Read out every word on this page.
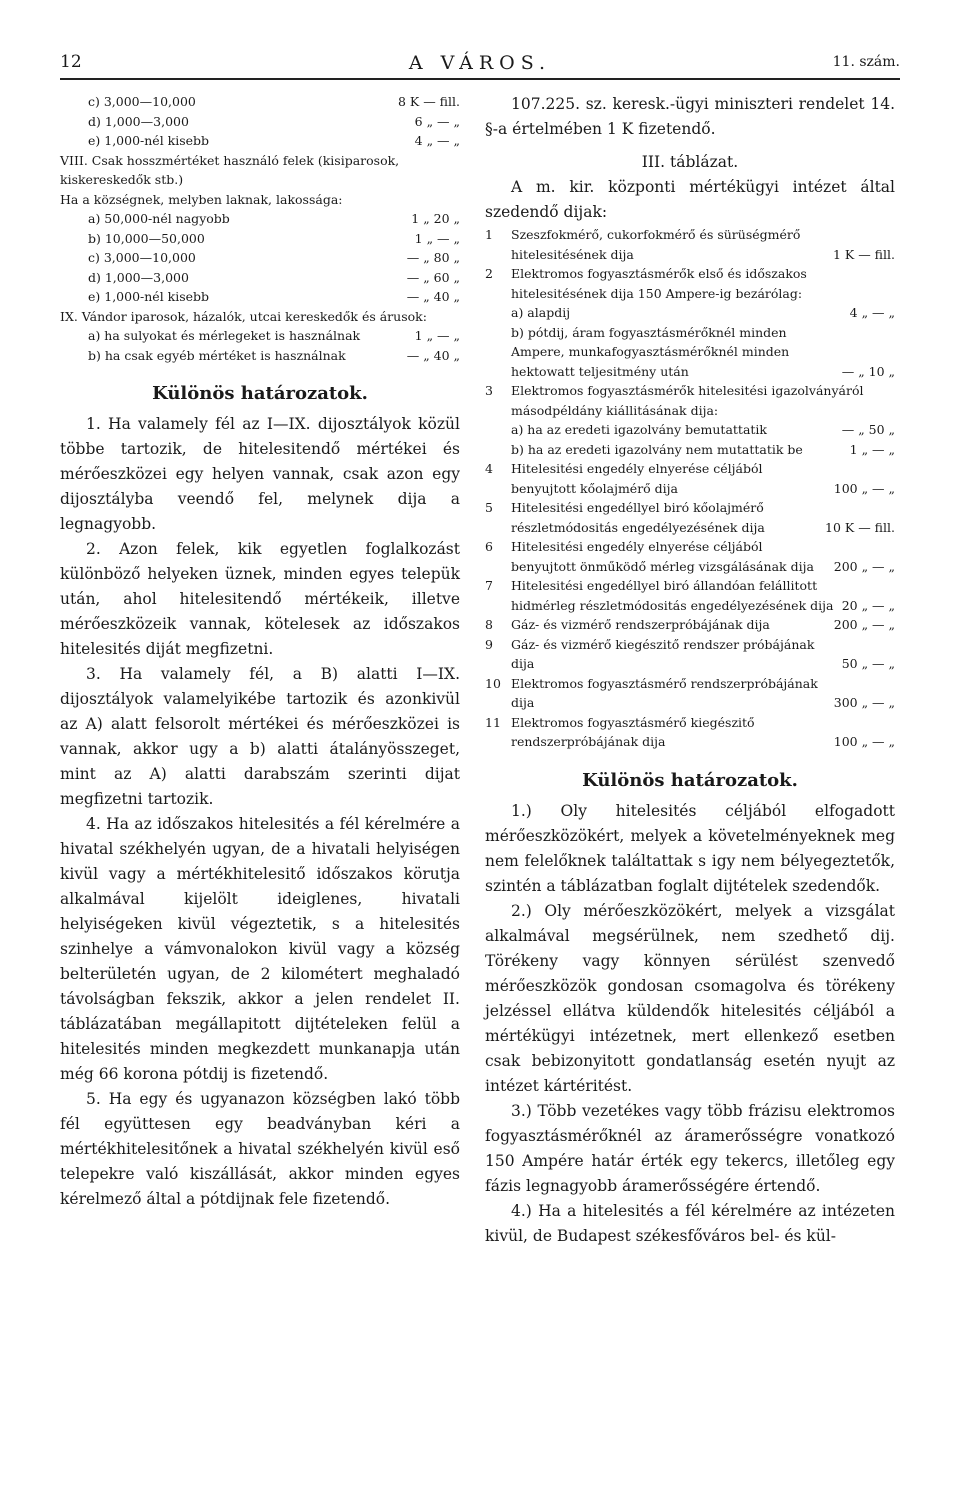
12	A VÁROS.	11. szám.
c) 3,000—10,000	8 K — fill.
d) 1,000—3,000	6 „ — „
e) 1,000-nél kisebb	4 „ — „
VIII. Csak hosszmértéket használó felek (kisiparosok, kiskereskedők stb.)
Ha a községnek, melyben laknak, lakossága:
a) 50,000-nél nagyobb	1 „ 20 „
b) 10,000—50,000	1 „ — „
c) 3,000—10,000	— „ 80 „
d) 1,000—3,000	— „ 60 „
e) 1,000-nél kisebb	— „ 40 „
IX. Vándor iparosok, házalók, utcai kereskedők és árusok:
a) ha sulyokat és mérlegeket is használnak	1 „ — „
b) ha csak egyéb mértéket is használnak	— „ 40 „
Különös határozatok.

1. Ha valamely fél az I—IX. dijosztályok közül többe tartozik, de hitelesitendő mértékei és mérőeszközei egy helyen vannak, csak azon egy dijosztályba veendő fel, melynek dija a legnagyobb.

2. Azon felek, kik egyetlen foglalkozást különböző helyeken üznek, minden egyes telepük után, ahol hitelesitendő mértékeik, illetve mérőeszközeik vannak, kötelesek az időszakos hitelesités diját megfizetni.

3. Ha valamely fél, a B) alatti I—IX. dijosztályok valamelyikébe tartozik és azonkivül az A) alatt felsorolt mértékei és mérőeszközei is vannak, akkor ugy a b) alatti átalányösszeget, mint az A) alatti darabszám szerinti dijat megfizetni tartozik.

4. Ha az időszakos hitelesités a fél kérelmére a hivatal székhelyén ugyan, de a hivatali helyiségen kivül vagy a mértékhitelesitő időszakos körutja alkalmával kijelölt ideiglenes, hivatali helyiségeken kivül végeztetik, s a hitelesités szinhelye a vámvonalokon kivül vagy a község belterületén ugyan, de 2 kilométert meghaladó távolságban fekszik, akkor a jelen rendelet II. táblázatában megállapitott dijtételeken felül a hitelesités minden megkezdett munkanapja után még 66 korona pótdij is fizetendő.

5. Ha egy és ugyanazon községben lakó több fél együttesen egy beadványban kéri a mértékhitelesitőnek a hivatal székhelyén kivül eső telepekre való kiszállását, akkor minden egyes kérelmező által a pótdijnak fele fizetendő.

107.225. sz. keresk.-ügyi miniszteri rendelet 14. §-a értelmében 1 K fizetendő.

III. táblázat.

A m. kir. központi mértékügyi intézet által szedendő dijak:

1	Szeszfokmérő, cukorfokmérő és sürüségmérő hitelesitésének dija	1 K — fill.
2	Elektromos fogyasztásmérők első és időszakos hitelesitésének dija 150 Ampere-ig bezárólag:
a) alapdij	4 „ — „
b) pótdij, áram fogyasztásmérőknél minden Ampere, munkafogyasztásmérőknél minden hektowatt teljesitmény után	— „ 10 „
3	Elektromos fogyasztásmérők hitelesitési igazolványáról másodpéldány kiállitásának dija:
a) ha az eredeti igazolvány bemutattatik	— „ 50 „
b) ha az eredeti igazolvány nem mutattatik be	1 „ — „
4	Hitelesitési engedély elnyerése céljából benyujtott kőolajmérő dija	100 „ — „
5	Hitelesitési engedéllyel biró kőolajmérő részletmódositás engedélyezésének dija	10 K — fill.
6	Hitelesitési engedély elnyerése céljából benyujtott önműködő mérleg vizsgálásának dija	200 „ — „
7	Hitelesitési engedéllyel biró állandóan felállitott hidmérleg részletmódositás engedélyezésének dija 20 „ — „
8	Gáz- és vizmérő rendszerpróbájának dija	200 „ — „
9	Gáz- és vizmérő kiegészitő rendszer próbájának dija	50 „ — „
10 Elektromos fogyasztásmérő rendszerpróbájának dija	300 „ — „
11 Elektromos fogyasztásmérő kiegészitő rendszerpróbájának dija	100 „ — „
Különös határozatok.

1.) Oly hitelesités céljából elfogadott mérőeszközökért, melyek a követelményeknek meg nem felelőknek találtattak s igy nem bélyegeztetők, szintén a táblázatban foglalt dijtételek szedendők.

2.) Oly mérőeszközökért, melyek a vizsgálat alkalmával megsérülnek, nem szedhető dij. Törékeny vagy könnyen sérülést szenvedő mérőeszközök gondosan csomagolva és törékeny jelzéssel ellátva küldendők hitelesités céljából a mértékügyi intézetnek, mert ellenkező esetben csak bebizonyitott gondatlanság esetén nyujt az intézet kártéritést.

3.) Több vezetékes vagy több frázisu elektromos fogyasztásmérőknél az áramerősségre vonatkozó 150 Ampére határ érték egy tekercs, illetőleg egy fázis legnagyobb áramerősségére értendő.

4.) Ha a hitelesités a fél kérelmére az intézeten kivül, de Budapest székesfőváros bel- és kül-
